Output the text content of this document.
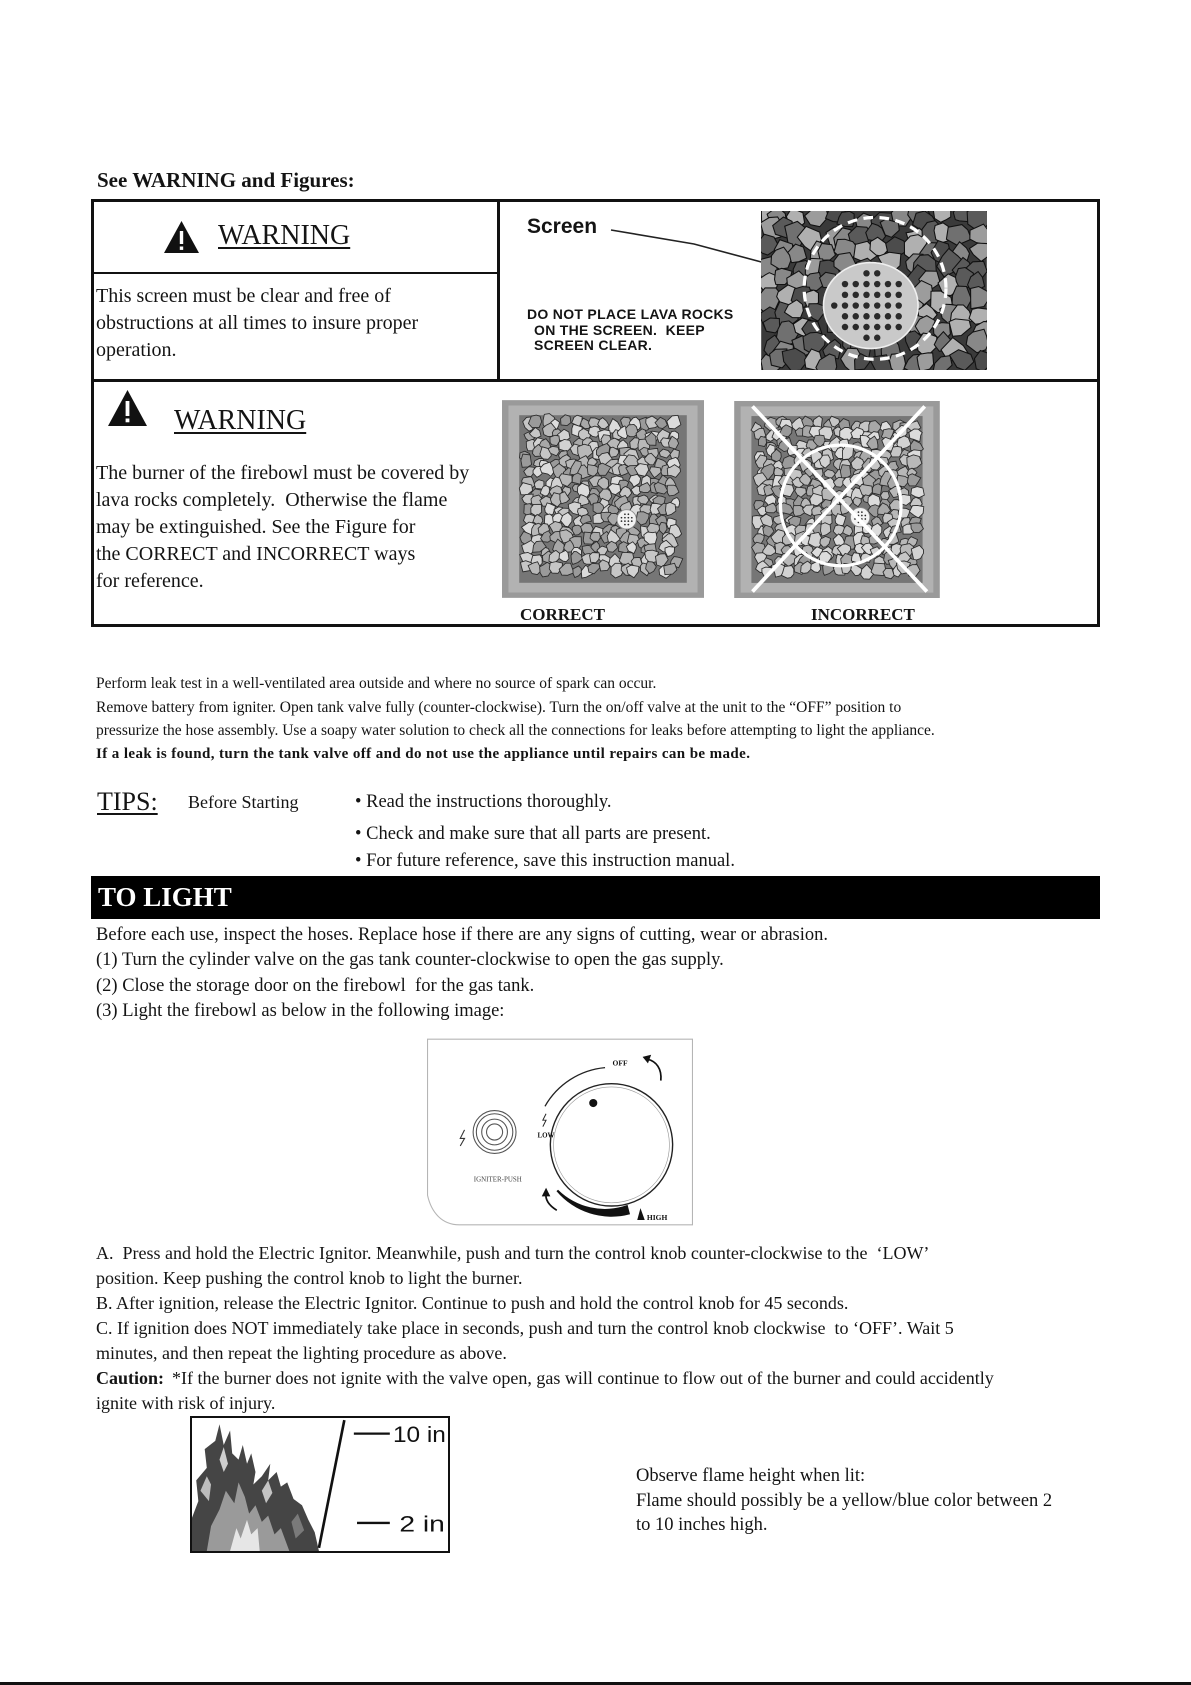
See WARNING and Figures:
WARNING
This screen must be clear and free of
obstructions at all times to insure proper
operation.
Screen
DO NOT PLACE LAVA ROCKS
ON THE SCREEN.  KEEP
SCREEN CLEAR.
WARNING
The burner of the firebowl must be covered by
lava rocks completely.  Otherwise the flame
may be extinguished. See the Figure for
the CORRECT and INCORRECT ways
for reference.
CORRECT	INCORRECT
Perform leak test in a well-ventilated area outside and where no source of spark can occur.
Remove battery from igniter. Open tank valve fully (counter-clockwise). Turn the on/off valve at the unit to the “OFF” position to
pressurize the hose assembly. Use a soapy water solution to check all the connections for leaks before attempting to light the appliance.
If a leak is found, turn the tank valve off and do not use the appliance until repairs can be made.
TIPS: Before Starting	• Read the instructions thoroughly.
• Check and make sure that all parts are present.
• For future reference, save this instruction manual.
TO LIGHT
Before each use, inspect the hoses. Replace hose if there are any signs of cutting, wear or abrasion.
(1) Turn the cylinder valve on the gas tank counter-clockwise to open the gas supply.
(2) Close the storage door on the firebowl  for the gas tank.
(3) Light the firebowl as below in the following image:
IGNITER-PUSH
OFF
LOW
HIGH
A.  Press and hold the Electric Ignitor. Meanwhile, push and turn the control knob counter-clockwise to the  ‘LOW’
position. Keep pushing the control knob to light the burner.
B. After ignition, release the Electric Ignitor. Continue to push and hold the control knob for 45 seconds.
C. If ignition does NOT immediately take place in seconds, push and turn the control knob clockwise  to ‘OFF’. Wait 5
minutes, and then repeat the lighting procedure as above.
Caution: *If the burner does not ignite with the valve open, gas will continue to flow out of the burner and could accidently
ignite with risk of injury.
10 in
2 in
Observe flame height when lit:
Flame should possibly be a yellow/blue color between 2
to 10 inches high.
